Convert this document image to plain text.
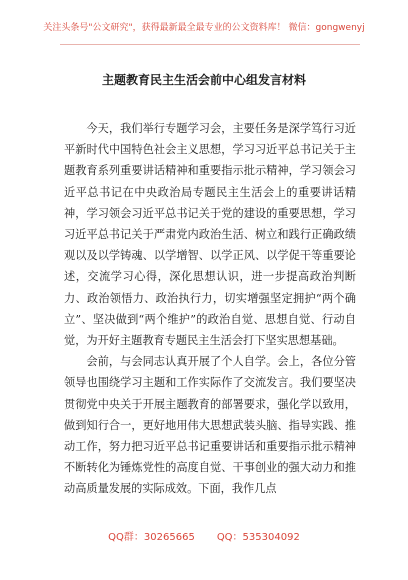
关注头条号"公文研究"，获得最新最全最专业的公文资料库！ 微信：gongwenyj
主题教育民主生活会前中心组发言材料

今天，我们举行专题学习会，主要任务是深学笃行习近平新时代中国特色社会主义思想，学习习近平总书记关于主题教育系列重要讲话精神和重要指示批示精神，学习领会习近平总书记在中央政治局专题民主生活会上的重要讲话精神，学习领会习近平总书记关于党的建设的重要思想，学习习近平总书记关于严肃党内政治生活、树立和践行正确政绩观以及以学铸魂、以学增智、以学正风、以学促干等重要论述，交流学习心得，深化思想认识，进一步提高政治判断力、政治领悟力、政治执行力，切实增强坚定拥护“两个确立”、坚决做到“两个维护”的政治自觉、思想自觉、行动自觉，为开好主题教育专题民主生活会打下坚实思想基础。

会前，与会同志认真开展了个人自学。会上，各位分管领导也围绕学习主题和工作实际作了交流发言。我们要坚决贯彻党中央关于开展主题教育的部署要求，强化学以致用，做到知行合一，更好地用伟大思想武装头脑、指导实践、推动工作，努力把习近平总书记重要讲话和重要指示批示精神不断转化为锤炼党性的高度自觉、干事创业的强大动力和推动高质量发展的实际成效。下面，我作几点

QQ群：30265665 QQ：535304092
